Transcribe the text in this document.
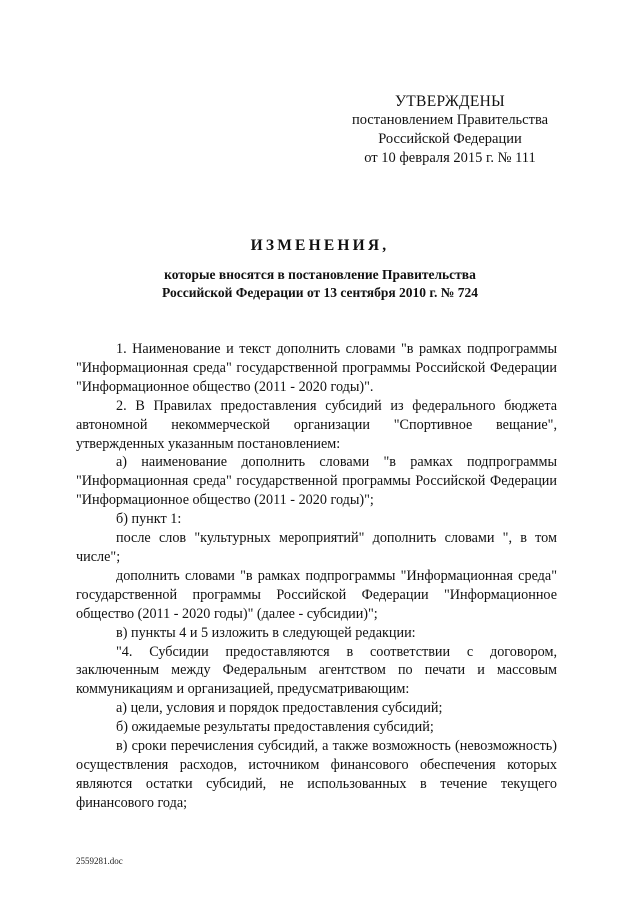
УТВЕРЖДЕНЫ
постановлением Правительства
Российской Федерации
от 10 февраля 2015 г. № 111
ИЗМЕНЕНИЯ,
которые вносятся в постановление Правительства
Российской Федерации от 13 сентября 2010 г. № 724

1. Наименование и текст дополнить словами "в рамках подпрограммы "Информационная среда" государственной программы Российской Федерации "Информационное общество (2011 - 2020 годы)".

2. В Правилах предоставления субсидий из федерального бюджета автономной некоммерческой организации "Спортивное вещание", утвержденных указанным постановлением:

а) наименование дополнить словами "в рамках подпрограммы "Информационная среда" государственной программы Российской Федерации "Информационное общество (2011 - 2020 годы)";

б) пункт 1:

после слов "культурных мероприятий" дополнить словами ", в том числе";

дополнить словами "в рамках подпрограммы "Информационная среда" государственной программы Российской Федерации "Информационное общество (2011 - 2020 годы)" (далее - субсидии)";

в) пункты 4 и 5 изложить в следующей редакции:

"4. Субсидии предоставляются в соответствии с договором, заключенным между Федеральным агентством по печати и массовым коммуникациям и организацией, предусматривающим:

а) цели, условия и порядок предоставления субсидий;

б) ожидаемые результаты предоставления субсидий;

в) сроки перечисления субсидий, а также возможность (невозможность) осуществления расходов, источником финансового обеспечения которых являются остатки субсидий, не использованных в течение текущего финансового года;

2559281.doc
